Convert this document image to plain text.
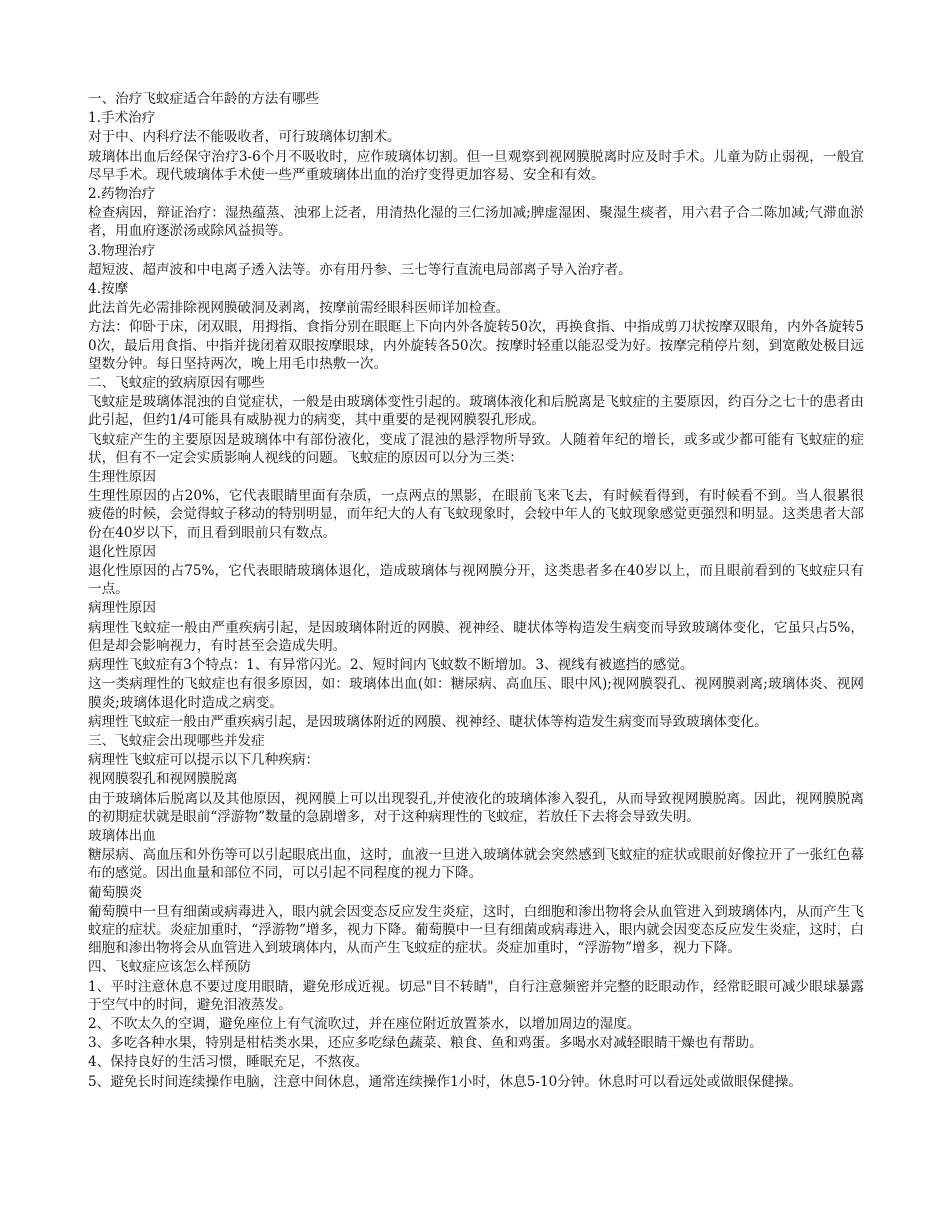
一、治疗飞蚊症适合年龄的方法有哪些

1.手术治疗

对于中、内科疗法不能吸收者，可行玻璃体切割术。

玻璃体出血后经保守治疗3-6个月不吸收时，应作玻璃体切割。但一旦观察到视网膜脱离时应及时手术。儿童为防止弱视，一般宜尽早手术。现代玻璃体手术使一些严重玻璃体出血的治疗变得更加容易、安全和有效。

2.药物治疗

检查病因，辩证治疗：湿热蕴蒸、浊邪上泛者，用清热化湿的三仁汤加减;脾虚湿困、聚湿生痰者，用六君子合二陈加减;气滞血淤者，用血府逐淤汤或除风益损等。

3.物理治疗

超短波、超声波和中电离子透入法等。亦有用丹参、三七等行直流电局部离子导入治疗者。

4.按摩

此法首先必需排除视网膜破洞及剥离，按摩前需经眼科医师详加检查。

方法：仰卧于床，闭双眼，用拇指、食指分别在眼眶上下向内外各旋转50次，再换食指、中指成剪刀状按摩双眼角，内外各旋转50次，最后用食指、中指并拢闭着双眼按摩眼球，内外旋转各50次。按摩时轻重以能忍受为好。按摩完稍停片刻，到宽敞处极目远望数分钟。每日坚持两次，晚上用毛巾热敷一次。

二、飞蚊症的致病原因有哪些

飞蚊症是玻璃体混浊的自觉症状，一般是由玻璃体变性引起的。玻璃体液化和后脱离是飞蚊症的主要原因，约百分之七十的患者由此引起，但约1/4可能具有威胁视力的病变，其中重要的是视网膜裂孔形成。

飞蚊症产生的主要原因是玻璃体中有部份液化，变成了混浊的悬浮物所导致。人随着年纪的增长，或多或少都可能有飞蚊症的症状，但有不一定会实质影响人视线的问题。飞蚊症的原因可以分为三类：

生理性原因

生理性原因的占20%，它代表眼睛里面有杂质，一点两点的黑影，在眼前飞来飞去，有时候看得到，有时候看不到。当人很累很疲倦的时候，会觉得蚊子移动的特别明显，而年纪大的人有飞蚊现象时，会较中年人的飞蚊现象感觉更强烈和明显。这类患者大部份在40岁以下，而且看到眼前只有数点。

退化性原因

退化性原因的占75%，它代表眼睛玻璃体退化，造成玻璃体与视网膜分开，这类患者多在40岁以上，而且眼前看到的飞蚊症只有一点。

病理性原因

病理性飞蚊症一般由严重疾病引起，是因玻璃体附近的网膜、视神经、睫状体等构造发生病变而导致玻璃体变化，它虽只占5%，但是却会影响视力，有时甚至会造成失明。

病理性飞蚊症有3个特点：1、有异常闪光。2、短时间内飞蚊数不断增加。3、视线有被遮挡的感觉。

这一类病理性的飞蚊症也有很多原因，如：玻璃体出血(如：糖尿病、高血压、眼中风);视网膜裂孔、视网膜剥离;玻璃体炎、视网膜炎;玻璃体退化时造成之病变。

病理性飞蚊症一般由严重疾病引起，是因玻璃体附近的网膜、视神经、睫状体等构造发生病变而导致玻璃体变化。

三、飞蚊症会出现哪些并发症

病理性飞蚊症可以提示以下几种疾病：

视网膜裂孔和视网膜脱离

由于玻璃体后脱离以及其他原因，视网膜上可以出现裂孔,并使液化的玻璃体渗入裂孔，从而导致视网膜脱离。因此，视网膜脱离的初期症状就是眼前“浮游物”数量的急剧增多，对于这种病理性的飞蚊症，若放任下去将会导致失明。

玻璃体出血

糖尿病、高血压和外伤等可以引起眼底出血，这时，血液一旦进入玻璃体就会突然感到飞蚊症的症状或眼前好像拉开了一张红色幕布的感觉。因出血量和部位不同，可以引起不同程度的视力下降。

葡萄膜炎

葡萄膜中一旦有细菌或病毒进入，眼内就会因变态反应发生炎症，这时，白细胞和渗出物将会从血管进入到玻璃体内，从而产生飞蚊症的症状。炎症加重时，“浮游物”增多，视力下降。葡萄膜中一旦有细菌或病毒进入，眼内就会因变态反应发生炎症，这时，白细胞和渗出物将会从血管进入到玻璃体内，从而产生飞蚊症的症状。炎症加重时，“浮游物”增多，视力下降。

四、飞蚊症应该怎么样预防

1、平时注意休息不要过度用眼睛，避免形成近视。切忌"目不转睛"，自行注意频密并完整的眨眼动作，经常眨眼可减少眼球暴露于空气中的时间，避免泪液蒸发。

2、不吹太久的空调，避免座位上有气流吹过，并在座位附近放置茶水，以增加周边的湿度。

3、多吃各种水果，特别是柑桔类水果，还应多吃绿色蔬菜、粮食、鱼和鸡蛋。多喝水对减轻眼睛干燥也有帮助。

4、保持良好的生活习惯，睡眠充足，不熬夜。

5、避免长时间连续操作电脑，注意中间休息，通常连续操作1小时，休息5-10分钟。休息时可以看远处或做眼保健操。
